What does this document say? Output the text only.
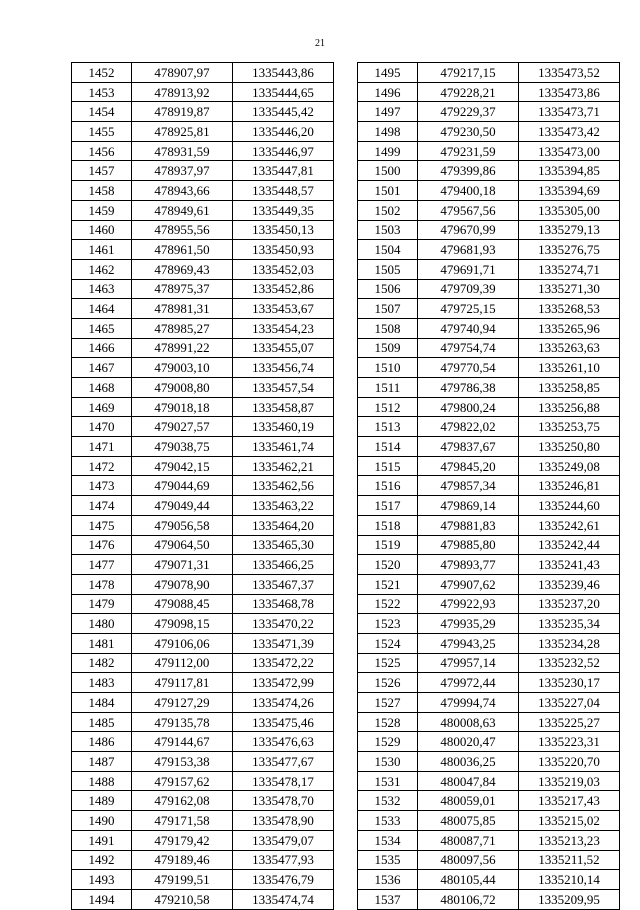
21
1452	478907,97	1335443,86
1453	478913,92	1335444,65
1454	478919,87	1335445,42
1455	478925,81	1335446,20
1456	478931,59	1335446,97
1457	478937,97	1335447,81
1458	478943,66	1335448,57
1459	478949,61	1335449,35
1460	478955,56	1335450,13
1461	478961,50	1335450,93
1462	478969,43	1335452,03
1463	478975,37	1335452,86
1464	478981,31	1335453,67
1465	478985,27	1335454,23
1466	478991,22	1335455,07
1467	479003,10	1335456,74
1468	479008,80	1335457,54
1469	479018,18	1335458,87
1470	479027,57	1335460,19
1471	479038,75	1335461,74
1472	479042,15	1335462,21
1473	479044,69	1335462,56
1474	479049,44	1335463,22
1475	479056,58	1335464,20
1476	479064,50	1335465,30
1477	479071,31	1335466,25
1478	479078,90	1335467,37
1479	479088,45	1335468,78
1480	479098,15	1335470,22
1481	479106,06	1335471,39
1482	479112,00	1335472,22
1483	479117,81	1335472,99
1484	479127,29	1335474,26
1485	479135,78	1335475,46
1486	479144,67	1335476,63
1487	479153,38	1335477,67
1488	479157,62	1335478,17
1489	479162,08	1335478,70
1490	479171,58	1335478,90
1491	479179,42	1335479,07
1492	479189,46	1335477,93
1493	479199,51	1335476,79
1494	479210,58	1335474,74
1495	479217,15	1335473,52
1496	479228,21	1335473,86
1497	479229,37	1335473,71
1498	479230,50	1335473,42
1499	479231,59	1335473,00
1500	479399,86	1335394,85
1501	479400,18	1335394,69
1502	479567,56	1335305,00
1503	479670,99	1335279,13
1504	479681,93	1335276,75
1505	479691,71	1335274,71
1506	479709,39	1335271,30
1507	479725,15	1335268,53
1508	479740,94	1335265,96
1509	479754,74	1335263,63
1510	479770,54	1335261,10
1511	479786,38	1335258,85
1512	479800,24	1335256,88
1513	479822,02	1335253,75
1514	479837,67	1335250,80
1515	479845,20	1335249,08
1516	479857,34	1335246,81
1517	479869,14	1335244,60
1518	479881,83	1335242,61
1519	479885,80	1335242,44
1520	479893,77	1335241,43
1521	479907,62	1335239,46
1522	479922,93	1335237,20
1523	479935,29	1335235,34
1524	479943,25	1335234,28
1525	479957,14	1335232,52
1526	479972,44	1335230,17
1527	479994,74	1335227,04
1528	480008,63	1335225,27
1529	480020,47	1335223,31
1530	480036,25	1335220,70
1531	480047,84	1335219,03
1532	480059,01	1335217,43
1533	480075,85	1335215,02
1534	480087,71	1335213,23
1535	480097,56	1335211,52
1536	480105,44	1335210,14
1537	480106,72	1335209,95
